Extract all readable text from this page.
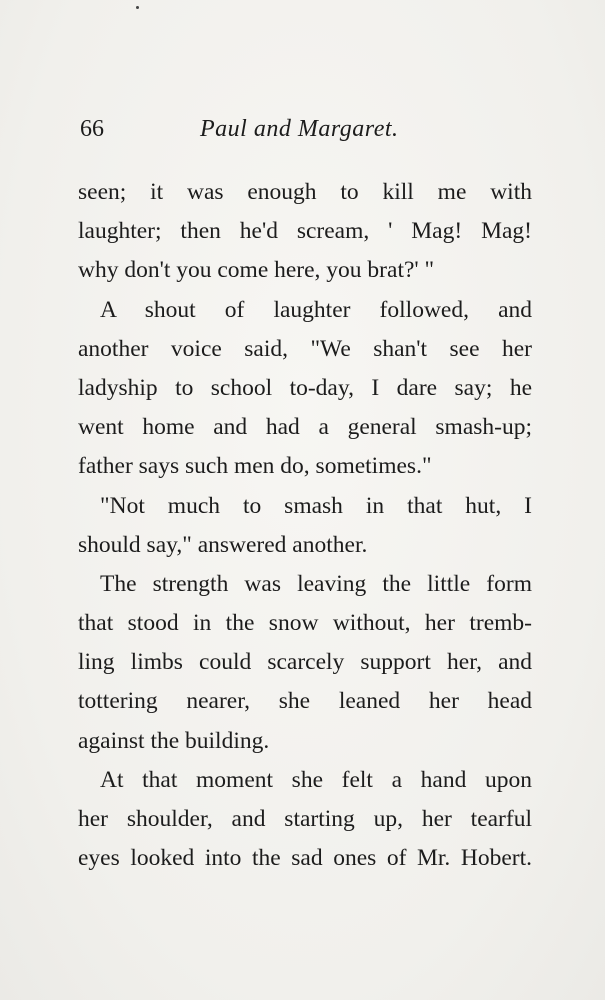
66	Paul and Margaret.
seen; it was enough to kill me with
laughter; then he'd scream, ' Mag! Mag!
why don't you come here, you brat?' "
A shout of laughter followed, and
another voice said, "We shan't see her
ladyship to school to-day, I dare say; he
went home and had a general smash-up;
father says such men do, sometimes."
"Not much to smash in that hut, I
should say," answered another.
The strength was leaving the little form
that stood in the snow without, her tremb-
ling limbs could scarcely support her, and
tottering nearer, she leaned her head
against the building.
At that moment she felt a hand upon
her shoulder, and starting up, her tearful
eyes looked into the sad ones of Mr. Hobert.
